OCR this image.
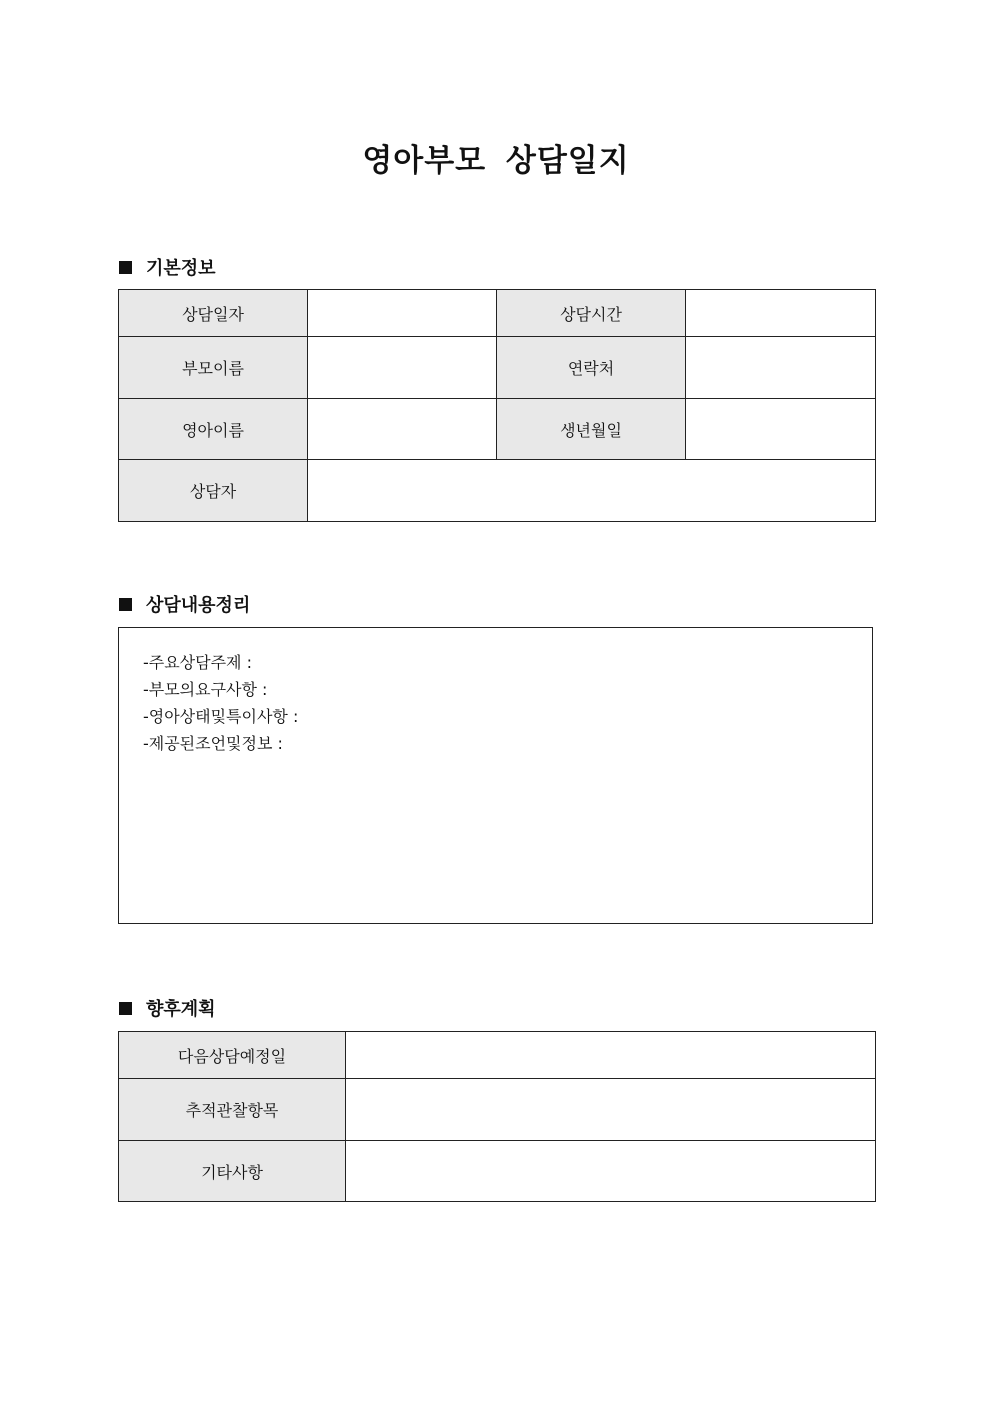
영아부모 상담일지
기본정보
상담일자		상담시간	
부모이름		연락처	
영아이름		생년월일	
상담자			
상담내용정리
-주요상담주제 :
-부모의요구사항 :
-영아상태및특이사항 :
-제공된조언및정보 :
향후계획
다음상담예정일	
추적관찰항목	
기타사항	
